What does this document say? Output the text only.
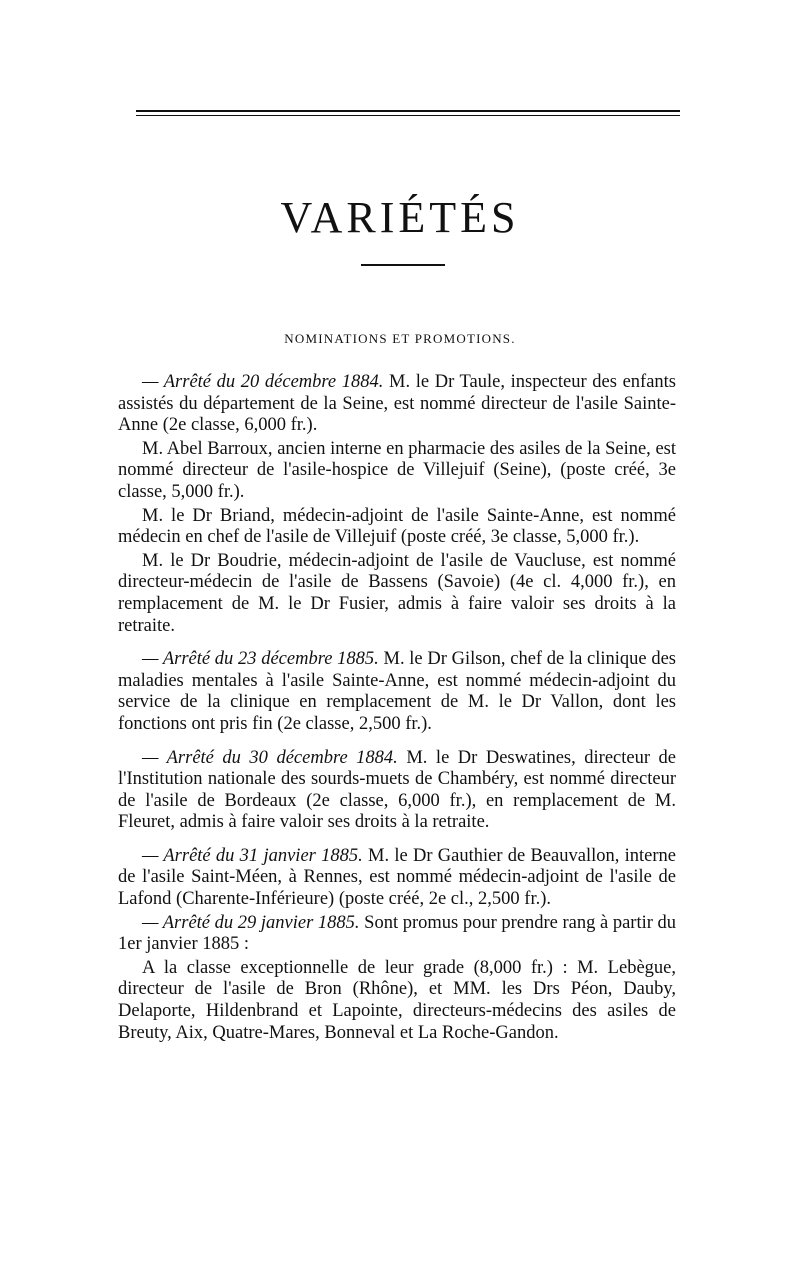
VARIÉTÉS
NOMINATIONS ET PROMOTIONS.

— Arrêté du 20 décembre 1884. M. le Dr Taule, inspecteur des enfants assistés du département de la Seine, est nommé directeur de l'asile Sainte-Anne (2e classe, 6,000 fr.).

M. Abel Barroux, ancien interne en pharmacie des asiles de la Seine, est nommé directeur de l'asile-hospice de Villejuif (Seine), (poste créé, 3e classe, 5,000 fr.).

M. le Dr Briand, médecin-adjoint de l'asile Sainte-Anne, est nommé médecin en chef de l'asile de Villejuif (poste créé, 3e classe, 5,000 fr.).

M. le Dr Boudrie, médecin-adjoint de l'asile de Vaucluse, est nommé directeur-médecin de l'asile de Bassens (Savoie) (4e cl. 4,000 fr.), en remplacement de M. le Dr Fusier, admis à faire valoir ses droits à la retraite.

— Arrêté du 23 décembre 1885. M. le Dr Gilson, chef de la clinique des maladies mentales à l'asile Sainte-Anne, est nommé médecin-adjoint du service de la clinique en remplacement de M. le Dr Vallon, dont les fonctions ont pris fin (2e classe, 2,500 fr.).

— Arrêté du 30 décembre 1884. M. le Dr Deswatines, directeur de l'Institution nationale des sourds-muets de Chambéry, est nommé directeur de l'asile de Bordeaux (2e classe, 6,000 fr.), en remplacement de M. Fleuret, admis à faire valoir ses droits à la retraite.

— Arrêté du 31 janvier 1885. M. le Dr Gauthier de Beauvallon, interne de l'asile Saint-Méen, à Rennes, est nommé médecin-adjoint de l'asile de Lafond (Charente-Inférieure) (poste créé, 2e cl., 2,500 fr.).

— Arrêté du 29 janvier 1885. Sont promus pour prendre rang à partir du 1er janvier 1885 :

A la classe exceptionnelle de leur grade (8,000 fr.) : M. Lebègue, directeur de l'asile de Bron (Rhône), et MM. les Drs Péon, Dauby, Delaporte, Hildenbrand et Lapointe, directeurs-médecins des asiles de Breuty, Aix, Quatre-Mares, Bonneval et La Roche-Gandon.
